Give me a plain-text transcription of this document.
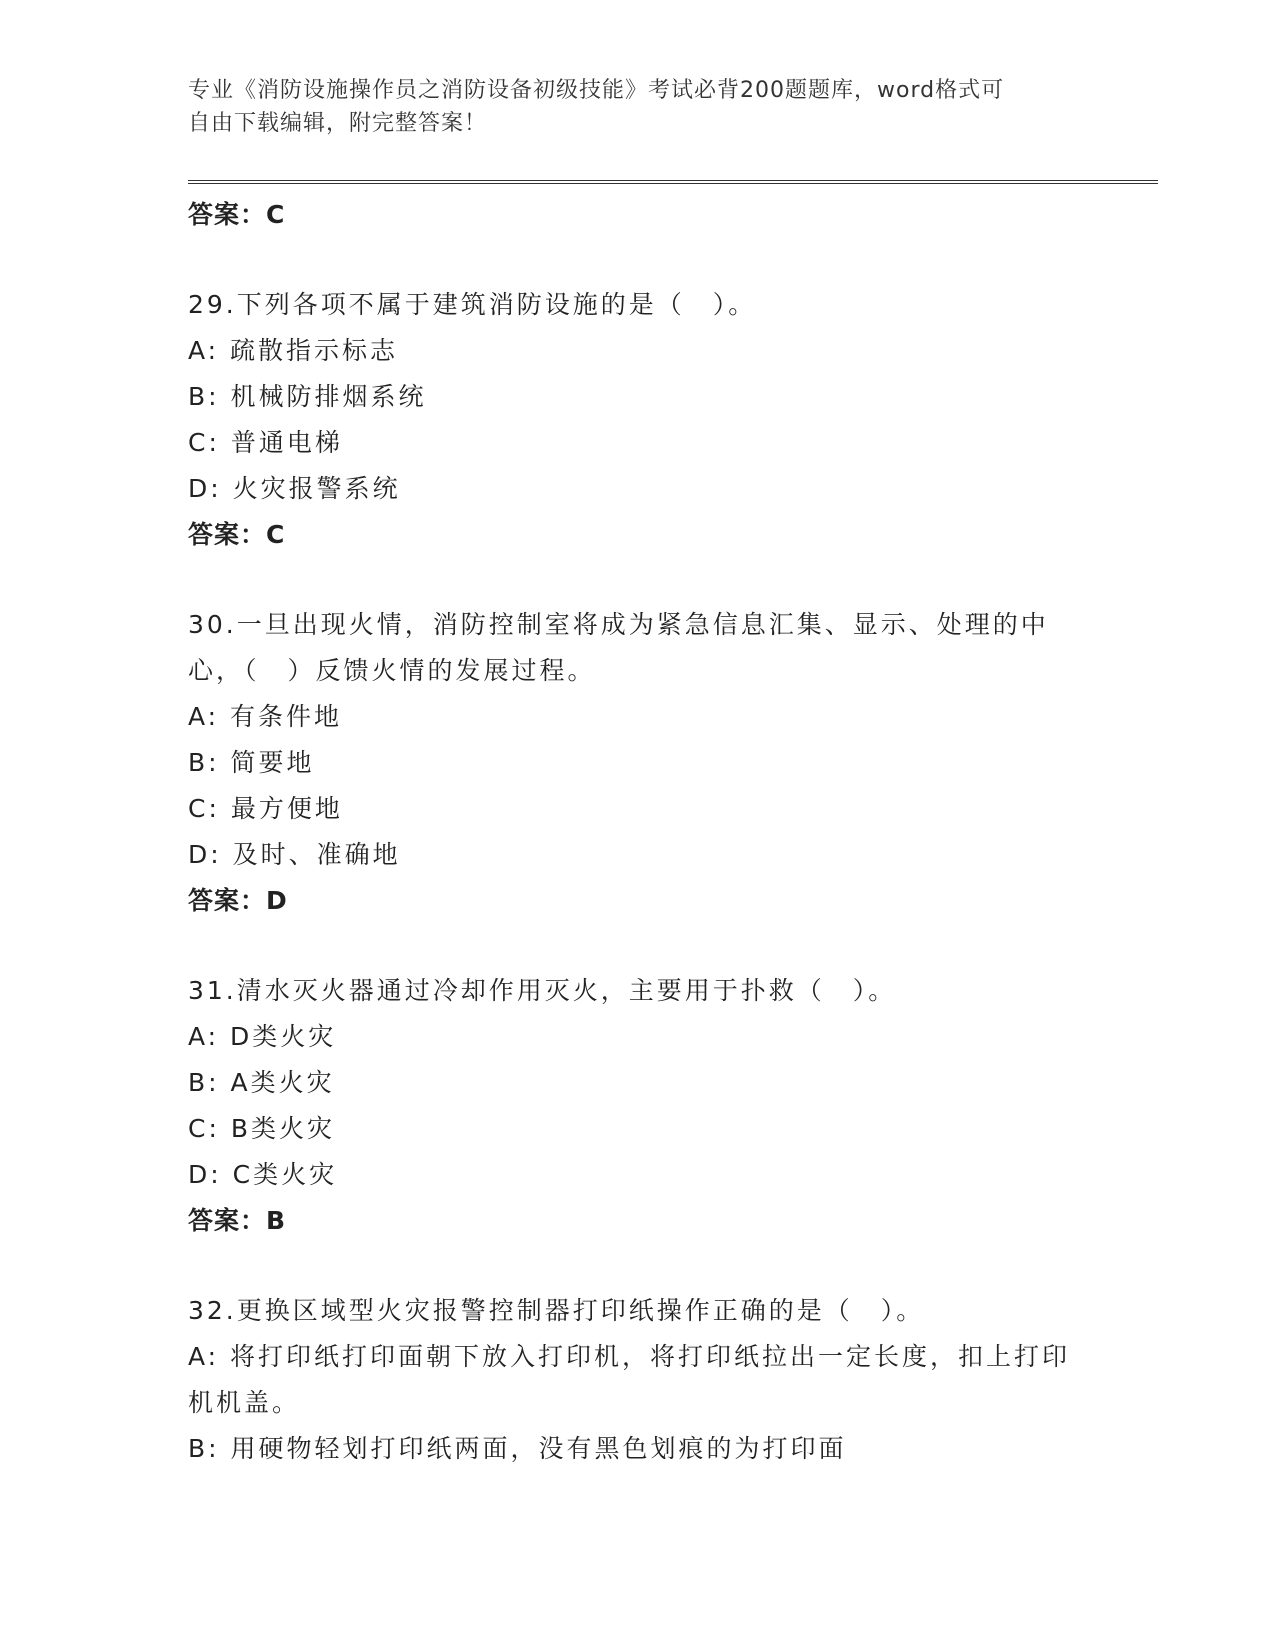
专业《消防设施操作员之消防设备初级技能》考试必背200题题库，word格式可
自由下载编辑，附完整答案！
答案：C
29.下列各项不属于建筑消防设施的是（　）。
A: 疏散指示标志
B: 机械防排烟系统
C: 普通电梯
D: 火灾报警系统
答案：C
30.一旦出现火情，消防控制室将成为紧急信息汇集、显示、处理的中心，（　）反馈火情的发展过程。
A: 有条件地
B: 简要地
C: 最方便地
D: 及时、准确地
答案：D
31.清水灭火器通过冷却作用灭火，主要用于扑救（　）。
A: D类火灾
B: A类火灾
C: B类火灾
D: C类火灾
答案：B
32.更换区域型火灾报警控制器打印纸操作正确的是（　）。
A: 将打印纸打印面朝下放入打印机，将打印纸拉出一定长度，扣上打印机机盖。
B: 用硬物轻划打印纸两面，没有黑色划痕的为打印面
